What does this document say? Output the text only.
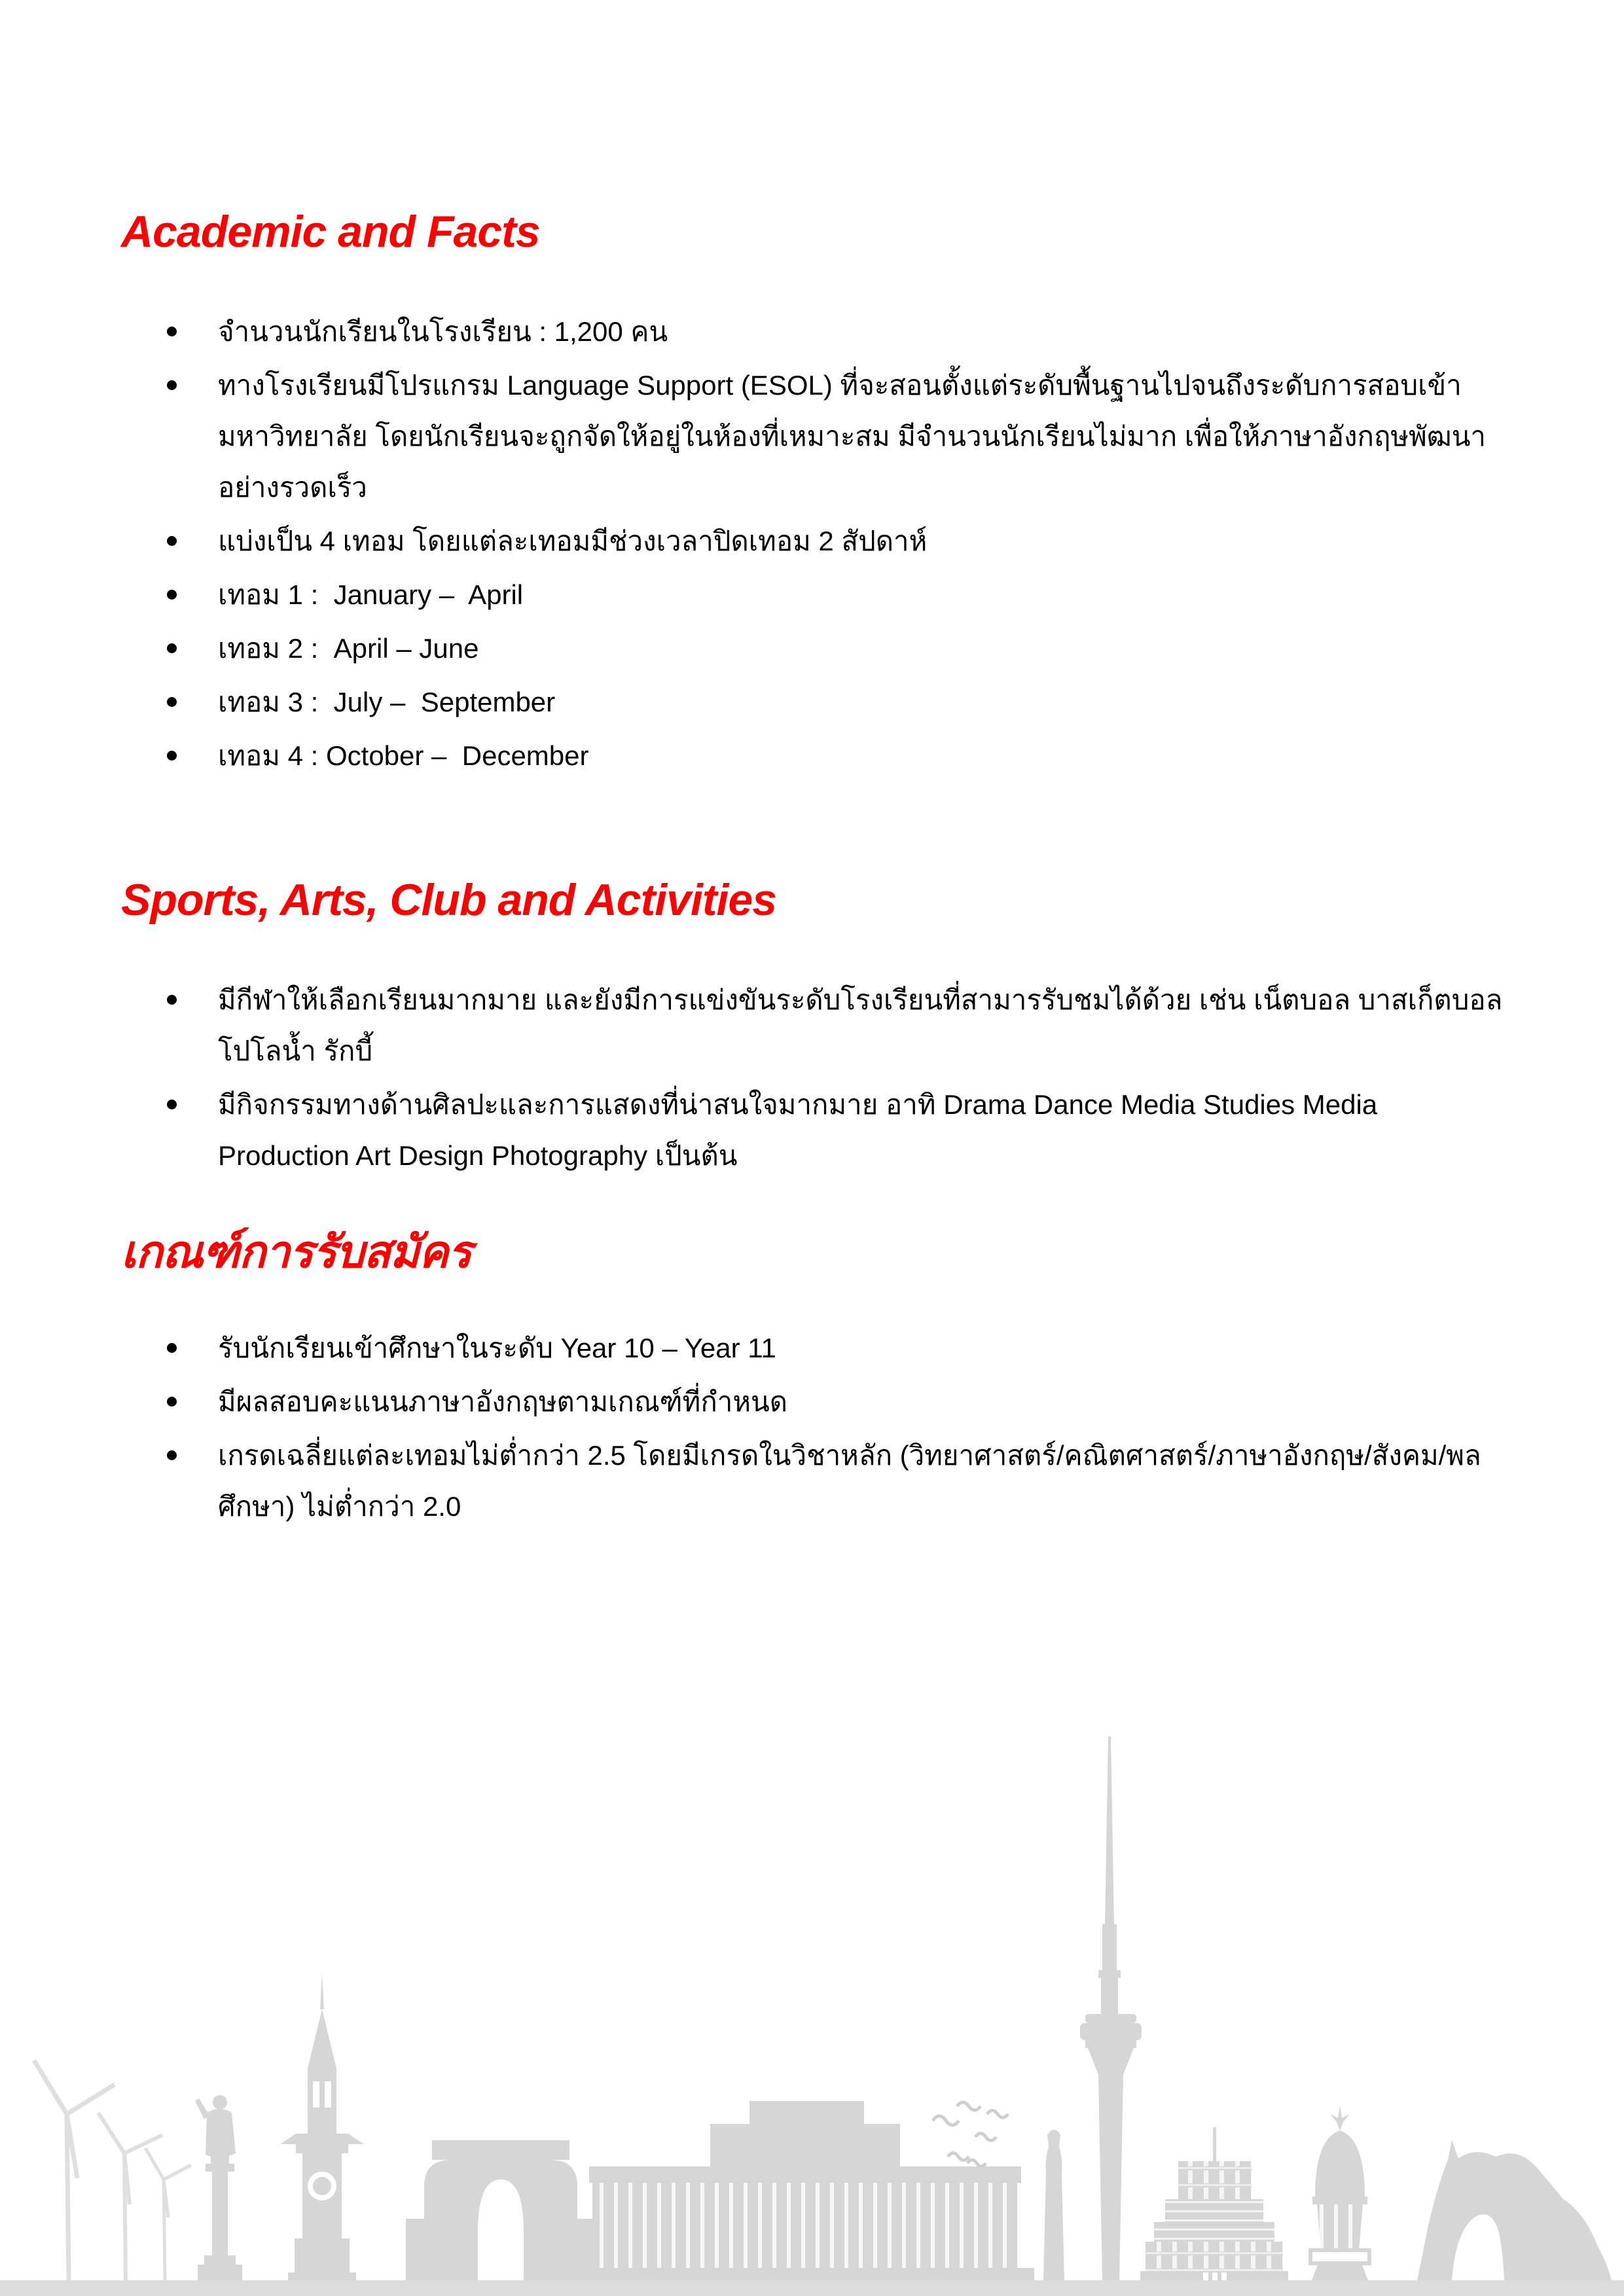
Academic and Facts
จำนวนนักเรียนในโรงเรียน : 1,200 คน
ทางโรงเรียนมีโปรแกรม Language Support (ESOL) ที่จะสอนตั้งแต่ระดับพื้นฐานไปจนถึงระดับการสอบเข้า
มหาวิทยาลัย โดยนักเรียนจะถูกจัดให้อยู่ในห้องที่เหมาะสม มีจำนวนนักเรียนไม่มาก เพื่อให้ภาษาอังกฤษพัฒนา
อย่างรวดเร็ว
แบ่งเป็น 4 เทอม โดยแต่ละเทอมมีช่วงเวลาปิดเทอม 2 สัปดาห์
เทอม 1 :  January –  April
เทอม 2 :  April – June
เทอม 3 :  July –  September
เทอม 4 : October –  December
Sports, Arts, Club and Activities
มีกีฬาให้เลือกเรียนมากมาย และยังมีการแข่งขันระดับโรงเรียนที่สามารรับชมได้ด้วย เช่น เน็ตบอล บาสเก็ตบอล
โปโลน้ำ รักบี้
มีกิจกรรมทางด้านศิลปะและการแสดงที่น่าสนใจมากมาย อาทิ Drama Dance Media Studies Media
Production Art Design Photography เป็นต้น
เกณฑ์การรับสมัคร
รับนักเรียนเข้าศึกษาในระดับ Year 10 – Year 11
มีผลสอบคะแนนภาษาอังกฤษตามเกณฑ์ที่กำหนด
เกรดเฉลี่ยแต่ละเทอมไม่ต่ำกว่า 2.5 โดยมีเกรดในวิชาหลัก (วิทยาศาสตร์/คณิตศาสตร์/ภาษาอังกฤษ/สังคม/พล
ศึกษา) ไม่ต่ำกว่า 2.0
